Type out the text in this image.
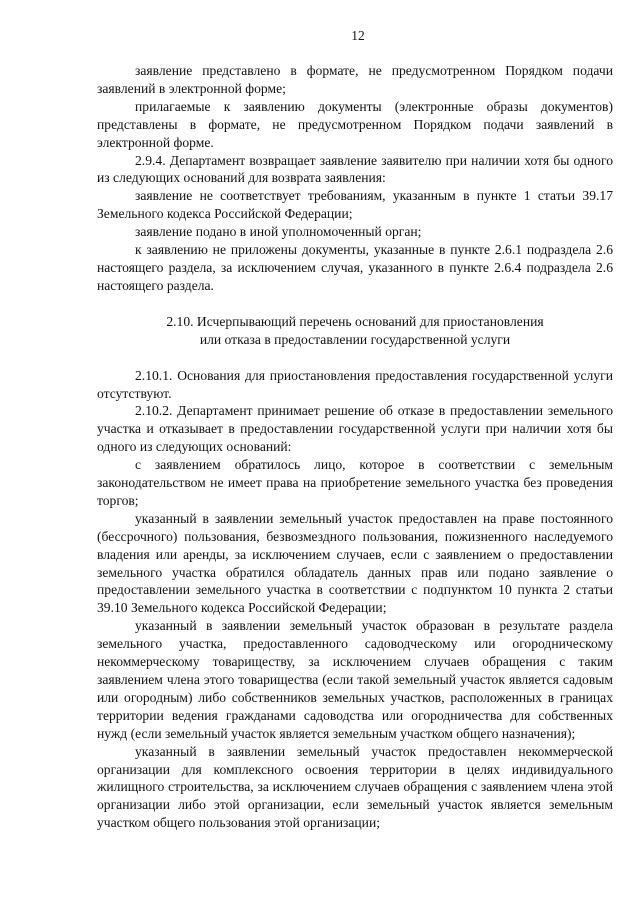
12

заявление представлено в формате, не предусмотренном Порядком подачи заявлений в электронной форме;

прилагаемые к заявлению документы (электронные образы документов) представлены в формате, не предусмотренном Порядком подачи заявлений в электронной форме.

2.9.4. Департамент возвращает заявление заявителю при наличии хотя бы одного из следующих оснований для возврата заявления:

заявление не соответствует требованиям, указанным в пункте 1 статьи 39.17 Земельного кодекса Российской Федерации;

заявление подано в иной уполномоченный орган;

к заявлению не приложены документы, указанные в пункте 2.6.1 подраздела 2.6 настоящего раздела, за исключением случая, указанного в пункте 2.6.4 подраздела 2.6 настоящего раздела.

2.10. Исчерпывающий перечень оснований для приостановления
или отказа в предоставлении государственной услуги

2.10.1. Основания для приостановления предоставления государственной услуги отсутствуют.

2.10.2. Департамент принимает решение об отказе в предоставлении земельного участка и отказывает в предоставлении государственной услуги при наличии хотя бы одного из следующих оснований:

с заявлением обратилось лицо, которое в соответствии с земельным законодательством не имеет права на приобретение земельного участка без проведения торгов;

указанный в заявлении земельный участок предоставлен на праве постоянного (бессрочного) пользования, безвозмездного пользования, пожизненного наследуемого владения или аренды, за исключением случаев, если с заявлением о предоставлении земельного участка обратился обладатель данных прав или подано заявление о предоставлении земельного участка в соответствии с подпунктом 10 пункта 2 статьи 39.10 Земельного кодекса Российской Федерации;

указанный в заявлении земельный участок образован в результате раздела земельного участка, предоставленного садоводческому или огородническому некоммерческому товариществу, за исключением случаев обращения с таким заявлением члена этого товарищества (если такой земельный участок является садовым или огородным) либо собственников земельных участков, расположенных в границах территории ведения гражданами садоводства или огородничества для собственных нужд (если земельный участок является земельным участком общего назначения);

указанный в заявлении земельный участок предоставлен некоммерческой организации для комплексного освоения территории в целях индивидуального жилищного строительства, за исключением случаев обращения с заявлением члена этой организации либо этой организации, если земельный участок является земельным участком общего пользования этой организации;
